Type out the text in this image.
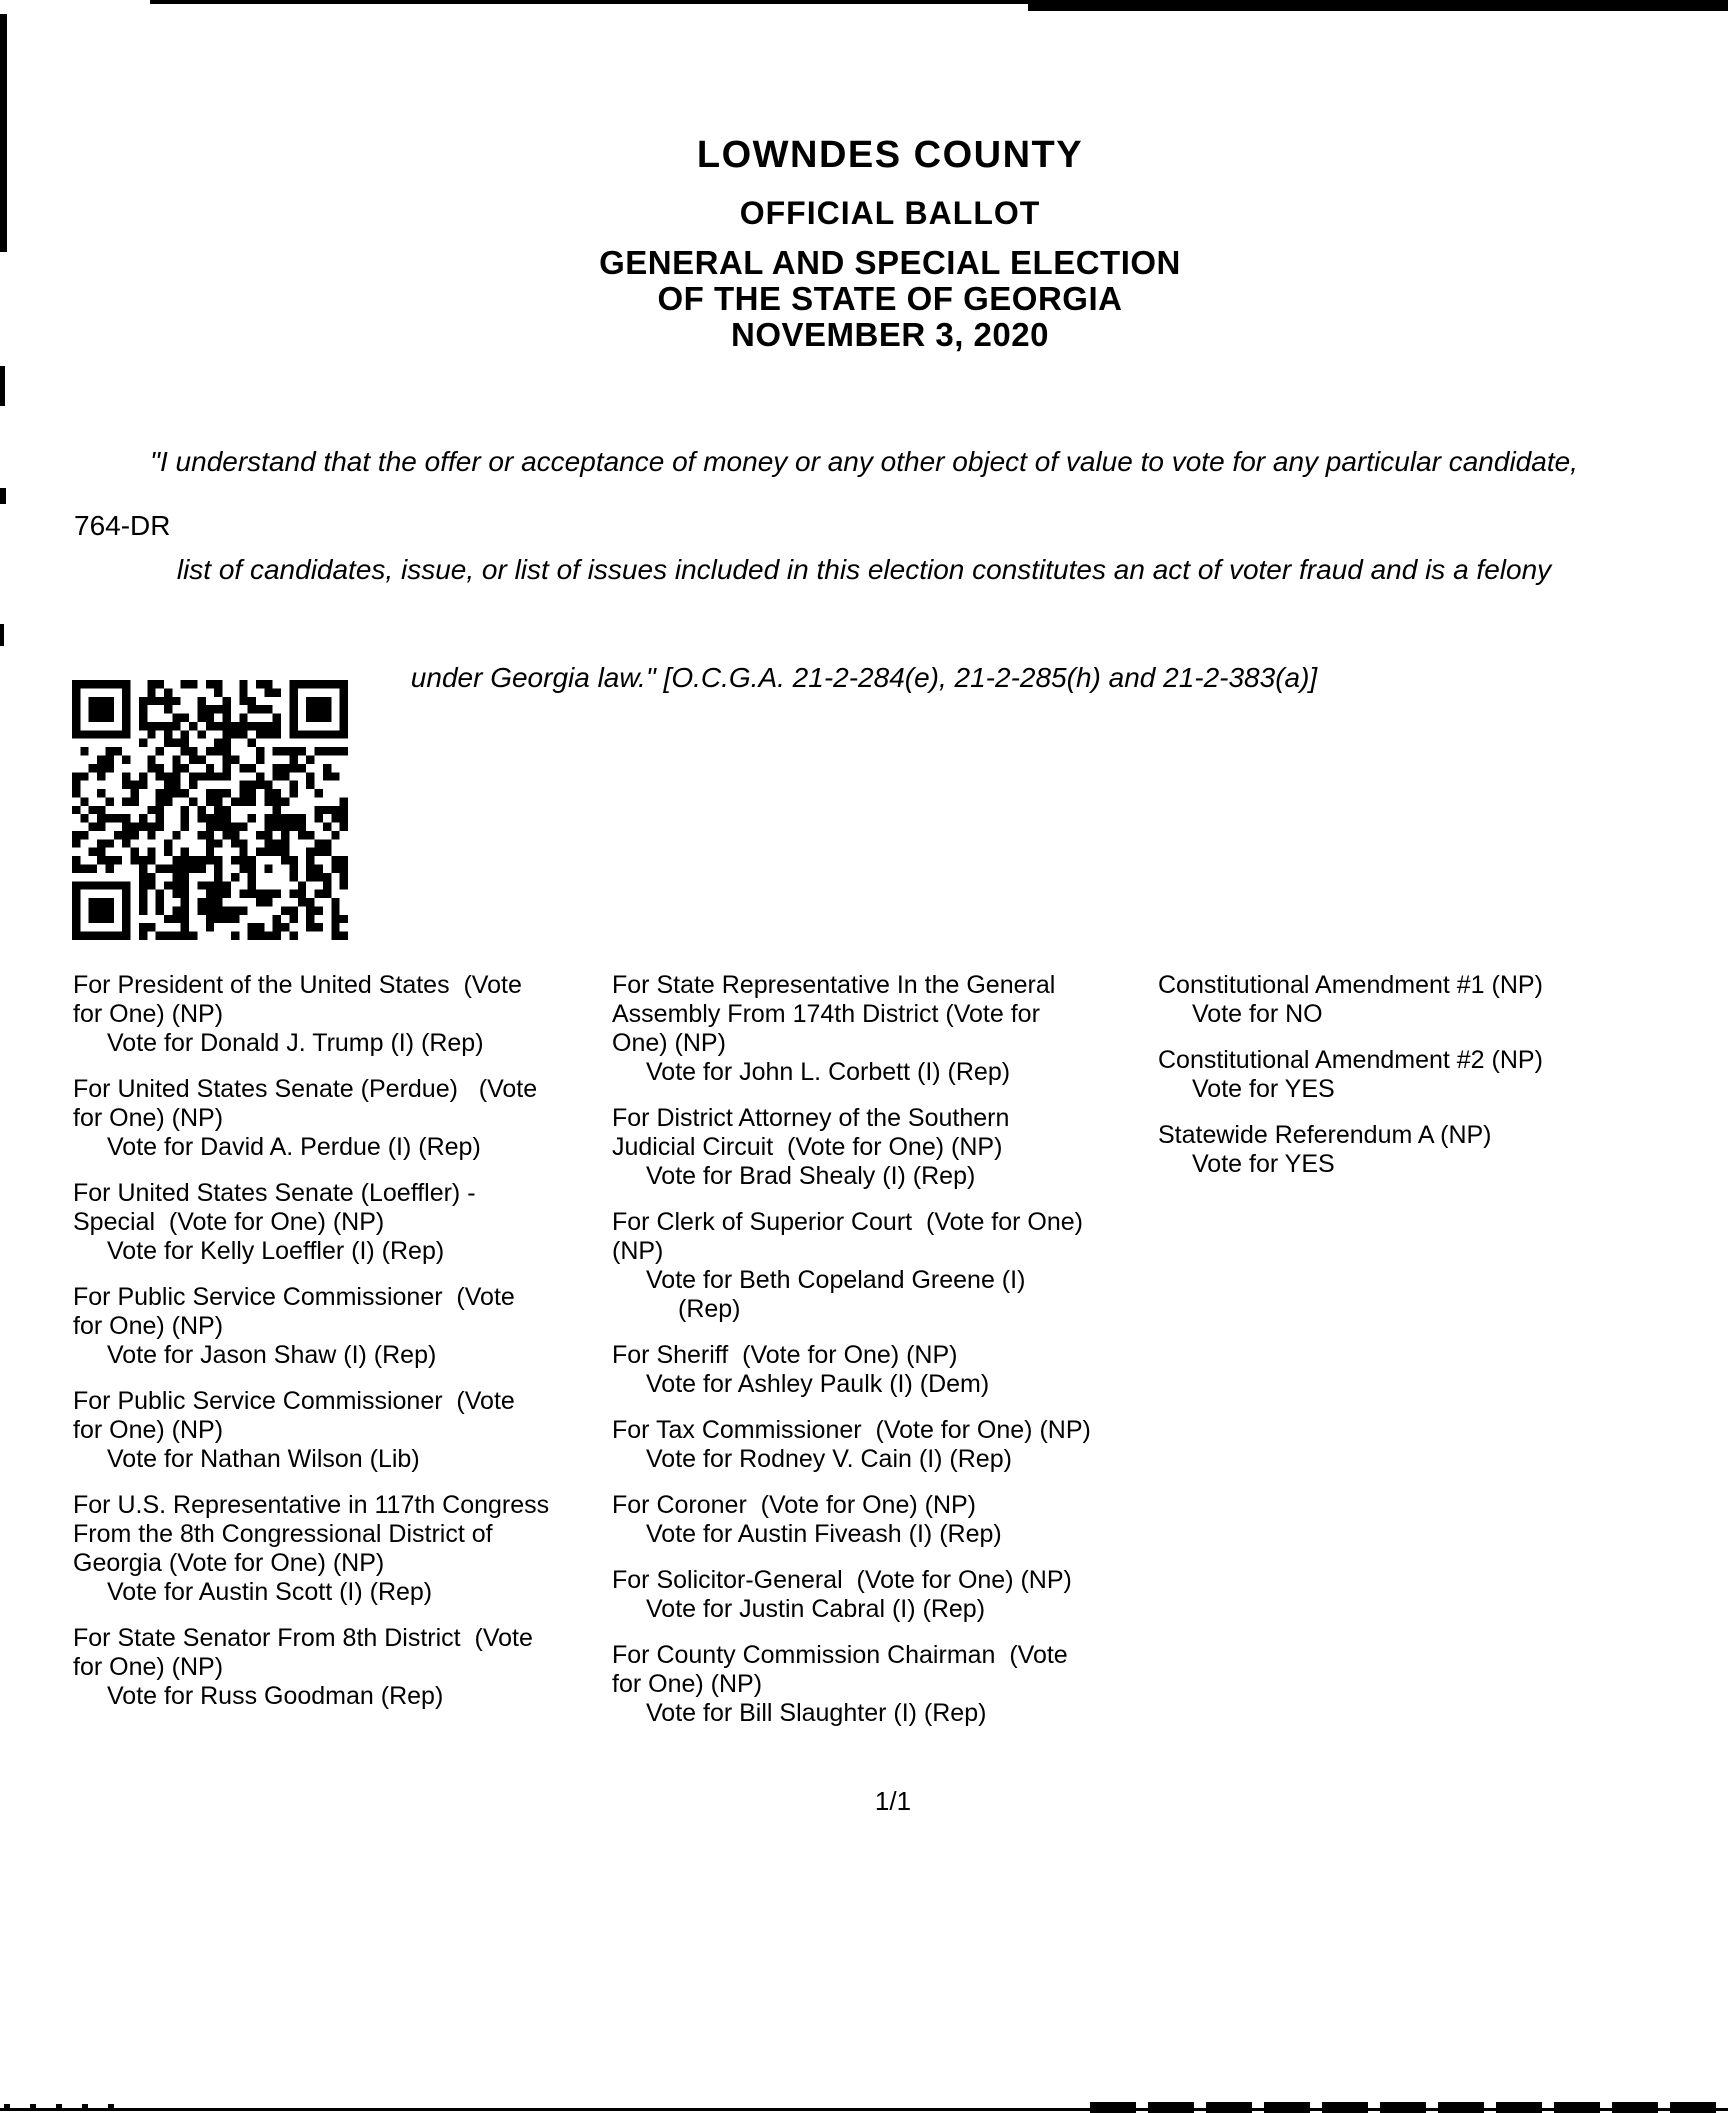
LOWNDES COUNTY
OFFICIAL BALLOT
GENERAL AND SPECIAL ELECTION
OF THE STATE OF GEORGIA
NOVEMBER 3, 2020

"I understand that the offer or acceptance of money or any other object of value to vote for any particular candidate,

list of candidates, issue, or list of issues included in this election constitutes an act of voter fraud and is a felony

under Georgia law." [O.C.G.A. 21-2-284(e), 21-2-285(h) and 21-2-383(a)]

764-DR
For President of the United States  (Vote
for One) (NP)
Vote for Donald J. Trump (I) (Rep)
For United States Senate (Perdue)   (Vote
for One) (NP)
Vote for David A. Perdue (I) (Rep)
For United States Senate (Loeffler) -
Special  (Vote for One) (NP)
Vote for Kelly Loeffler (I) (Rep)
For Public Service Commissioner  (Vote
for One) (NP)
Vote for Jason Shaw (I) (Rep)
For Public Service Commissioner  (Vote
for One) (NP)
Vote for Nathan Wilson (Lib)
For U.S. Representative in 117th Congress
From the 8th Congressional District of
Georgia (Vote for One) (NP)
Vote for Austin Scott (I) (Rep)
For State Senator From 8th District  (Vote
for One) (NP)
Vote for Russ Goodman (Rep)
For State Representative In the General
Assembly From 174th District (Vote for
One) (NP)
Vote for John L. Corbett (I) (Rep)
For District Attorney of the Southern
Judicial Circuit  (Vote for One) (NP)
Vote for Brad Shealy (I) (Rep)
For Clerk of Superior Court  (Vote for One)
(NP)
Vote for Beth Copeland Greene (I)
(Rep)
For Sheriff  (Vote for One) (NP)
Vote for Ashley Paulk (I) (Dem)
For Tax Commissioner  (Vote for One) (NP)
Vote for Rodney V. Cain (I) (Rep)
For Coroner  (Vote for One) (NP)
Vote for Austin Fiveash (I) (Rep)
For Solicitor-General  (Vote for One) (NP)
Vote for Justin Cabral (I) (Rep)
For County Commission Chairman  (Vote
for One) (NP)
Vote for Bill Slaughter (I) (Rep)
Constitutional Amendment #1 (NP)
Vote for NO
Constitutional Amendment #2 (NP)
Vote for YES
Statewide Referendum A (NP)
Vote for YES
1/1
